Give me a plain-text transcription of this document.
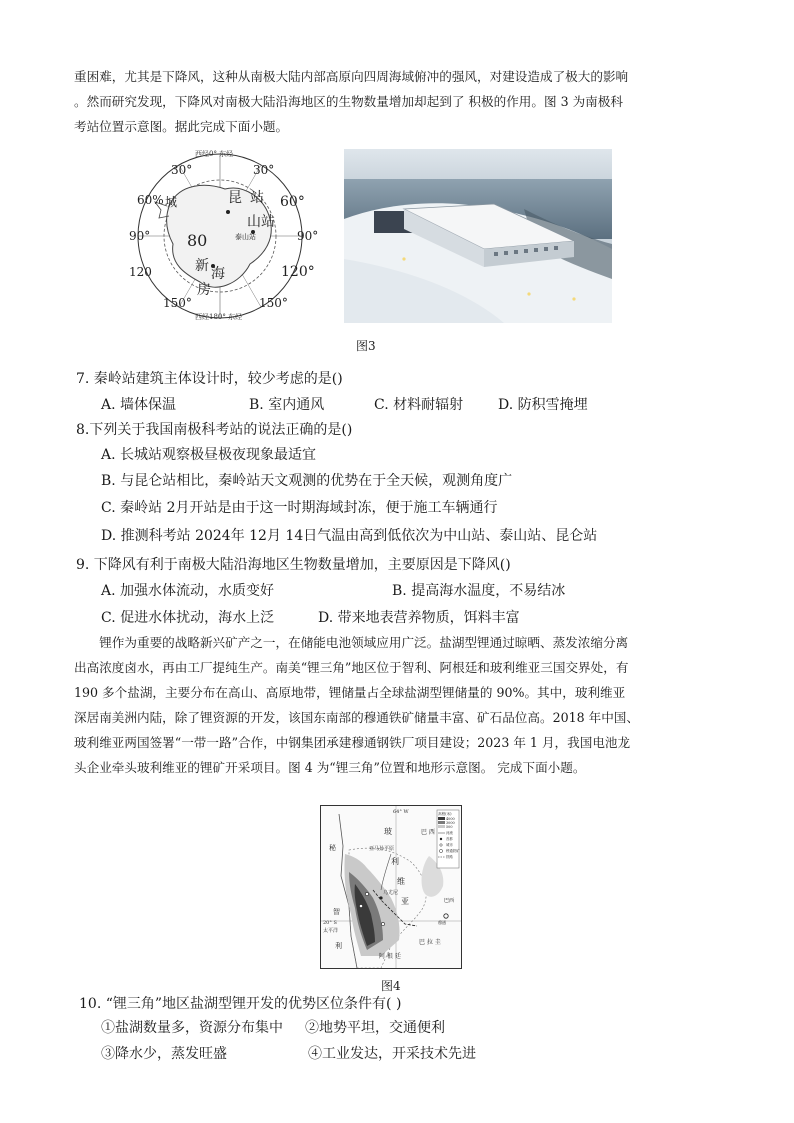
重困难，尤其是下降风，这种从南极大陆内部高原向四周海域俯冲的强风，对建设造成了极大的影响
。然而研究发现，下降风对南极大陆沿海地区的生物数量增加却起到了 积极的作用。图 3 为南极科
考站位置示意图。据此完成下面小题。
西经0° 东经
西经180° 东经
30°	30°
60% 城	60°
昆 站
山站
泰山站
80
90°	90°
新 海
房
120	120°
150°	150°
图3
7. 秦岭站建筑主体设计时，较少考虑的是()
A. 墙体保温	B. 室内通风	C. 材料耐辐射 D. 防积雪掩埋
8.下列关于我国南极科考站的说法正确的是()
A. 长城站观察极昼极夜现象最适宜
B. 与昆仑站相比，秦岭站天文观测的优势在于全天候，观测角度广
C. 秦岭站 2月开站是由于这一时期海域封冻，便于施工车辆通行
D. 推测科考站 2024年 12月 14日气温由高到低依次为中山站、泰山站、昆仑站
9. 下降风有利于南极大陆沿海地区生物数量增加，主要原因是下降风()
A. 加强水体流动，水质变好	B. 提高海水温度，不易结冰
C. 促进水体扰动，海水上泛	D. 带来地表营养物质，饵料丰富
锂作为重要的战略新兴矿产之一，在储能电池领域应用广泛。盐湖型锂通过晾晒、蒸发浓缩分离
出高浓度卤水，再由工厂提纯生产。南美“锂三角”地区位于智利、阿根廷和玻利维亚三国交界处，有
190 多个盐湖，主要分布在高山、高原地带，锂储量占全球盐湖型锂储量的 90%。其中，玻利维亚
深居南美洲内陆，除了锂资源的开发，该国东南部的穆通铁矿储量丰富、矿石品位高。2018 年中国、
玻利维亚两国签署“一带一路”合作，中钢集团承建穆通钢铁厂项目建设；2023 年 1 月，我国电池龙
头企业牵头玻利维亚的锂矿开采项目。图 4 为“锂三角”位置和地形示意图。 完成下面小题。
64° W
20° S
玻
利
维
亚
巴 西
巴西
秘
智
利
太平洋
亚马孙平原
乌尤尼
阿 根 廷
巴 拉 圭
穆通
高程(米)
4000
3000
500
河流
首都
城市
穆通铁矿
铁路
图4
10. “锂三角”地区盐湖型锂开发的优势区位条件有( )
①盐湖数量多，资源分布集中 ②地势平坦，交通便利
③降水少，蒸发旺盛	④工业发达，开采技术先进
